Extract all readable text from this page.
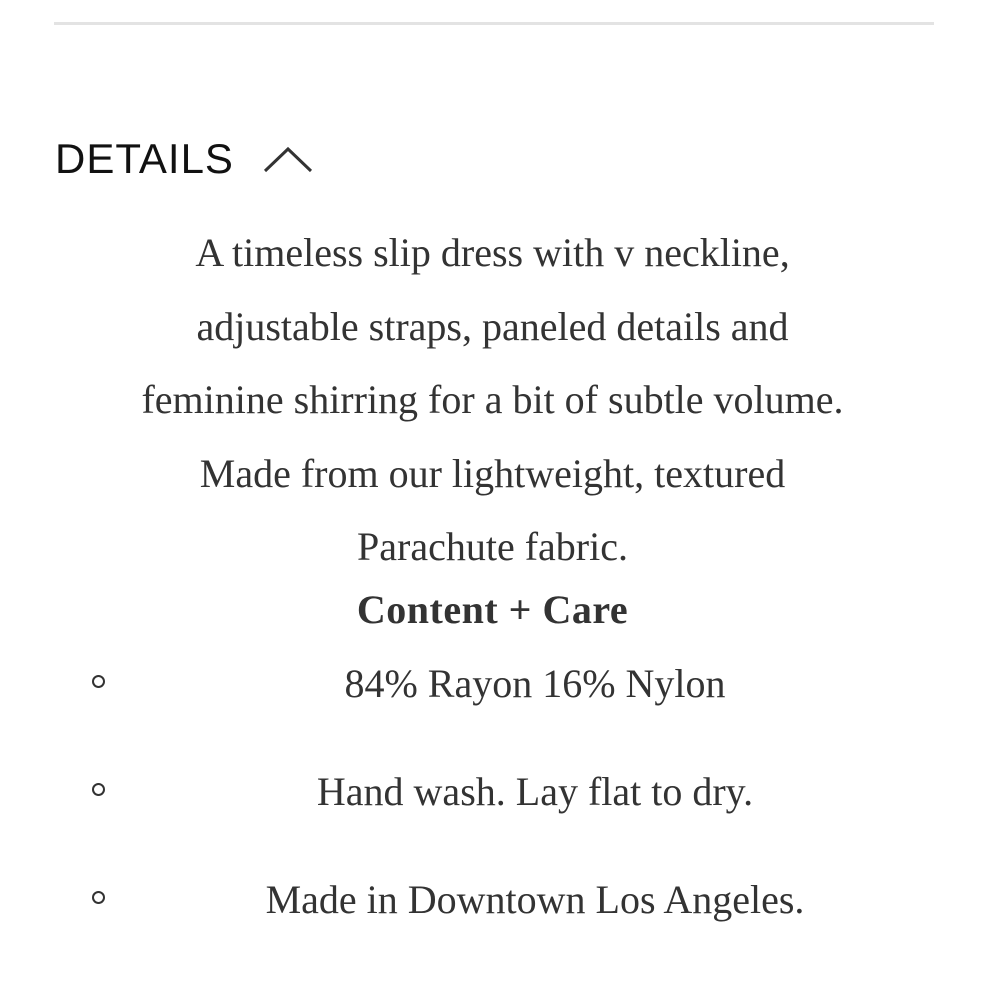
DETAILS

A timeless slip dress with v neckline,
adjustable straps, paneled details and
feminine shirring for a bit of subtle volume.
Made from our lightweight, textured
Parachute fabric.

Content + Care
84% Rayon 16% Nylon
Hand wash. Lay flat to dry.
Made in Downtown Los Angeles.
